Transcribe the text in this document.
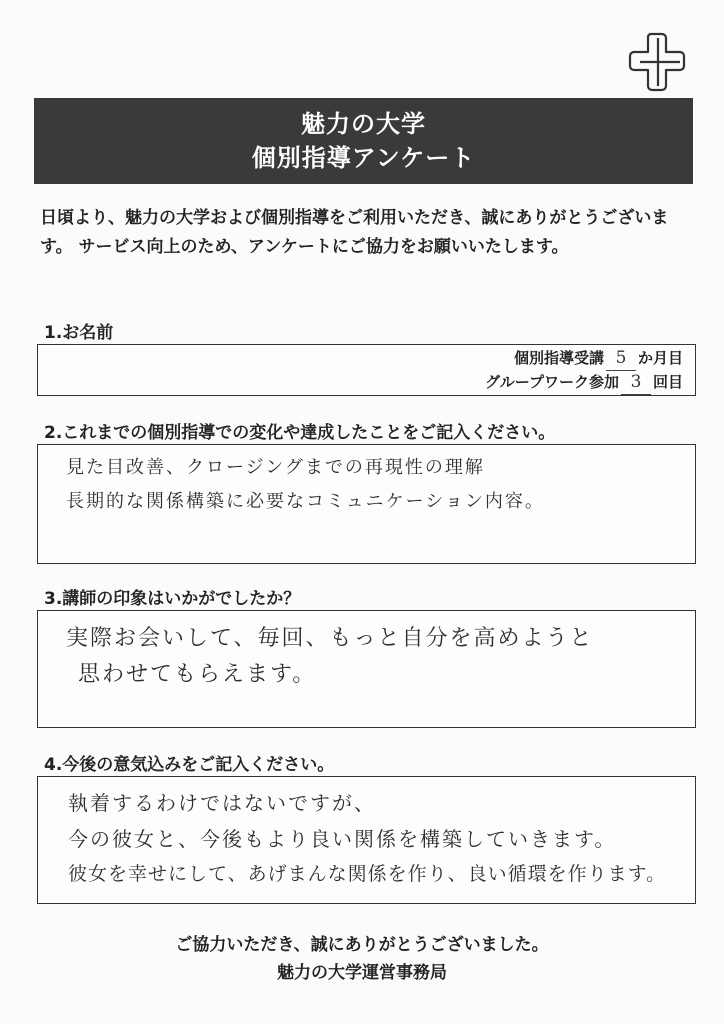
魅力の大学
個別指導アンケート
日頃より、魅力の大学および個別指導をご利用いただき、誠にありがとうございます。 サービス向上のため、アンケートにご協力をお願いいたします。
1.お名前
個別指導受講 5 か月目
グループワーク参加 3 回目
2.これまでの個別指導での変化や達成したことをご記入ください。
見た目改善、クロージングまでの再現性の理解
長期的な関係構築に必要なコミュニケーション内容。
3.講師の印象はいかがでしたか？
実際お会いして、毎回、もっと自分を高めようと
思わせてもらえます。
4.今後の意気込みをご記入ください。
執着するわけではないですが、
今の彼女と、今後もより良い関係を構築していきます。
彼女を幸せにして、あげまんな関係を作り、良い循環を作ります。
ご協力いただき、誠にありがとうございました。
魅力の大学運営事務局
